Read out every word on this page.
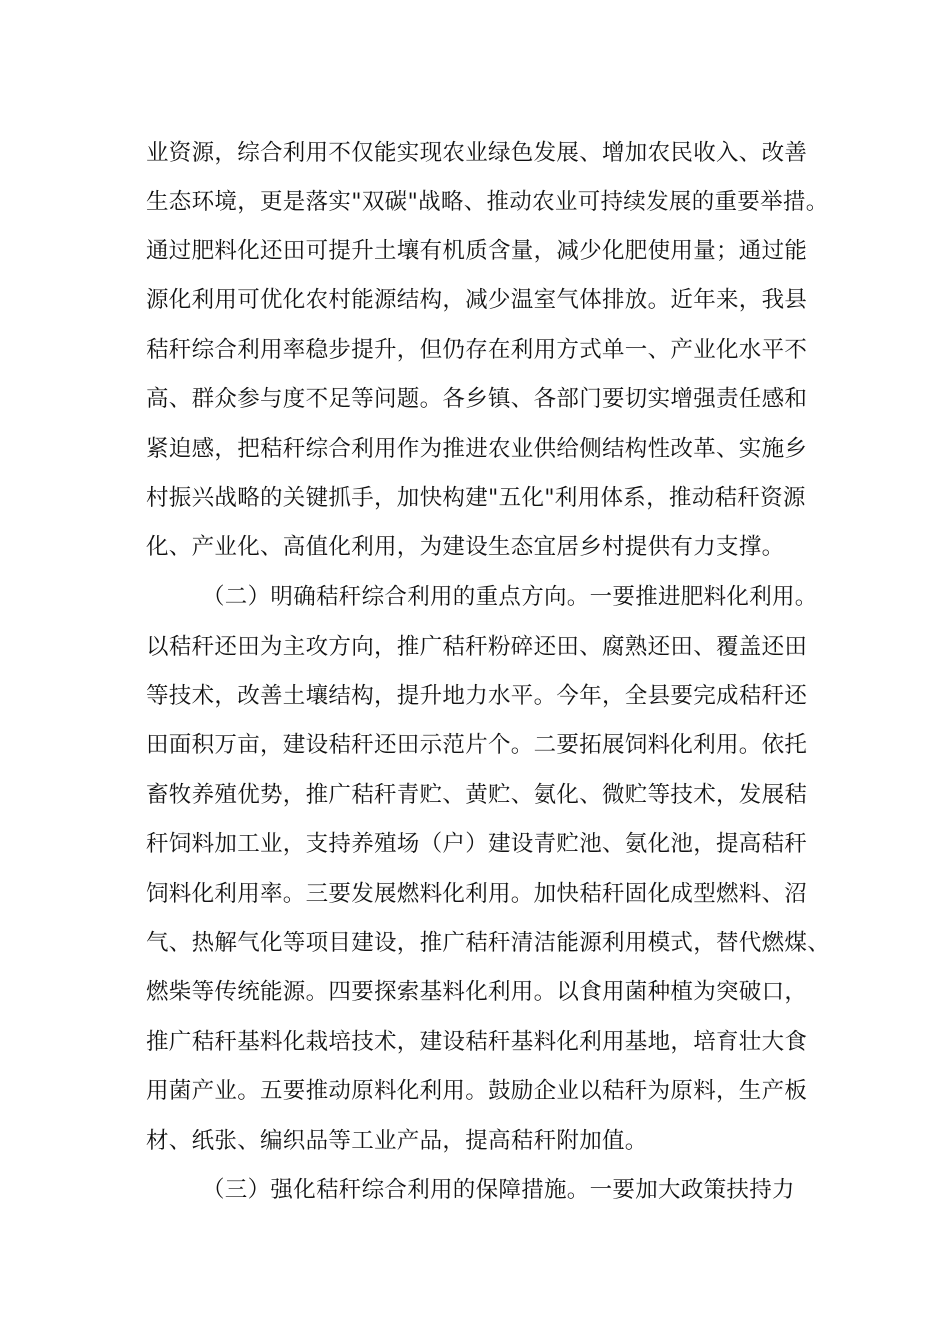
业资源，综合利用不仅能实现农业绿色发展、增加农民收入、改善
生态环境，更是落实"双碳"战略、推动农业可持续发展的重要举措。
通过肥料化还田可提升土壤有机质含量，减少化肥使用量；通过能
源化利用可优化农村能源结构，减少温室气体排放。近年来，我县
秸秆综合利用率稳步提升，但仍存在利用方式单一、产业化水平不
高、群众参与度不足等问题。各乡镇、各部门要切实增强责任感和
紧迫感，把秸秆综合利用作为推进农业供给侧结构性改革、实施乡
村振兴战略的关键抓手，加快构建"五化"利用体系，推动秸秆资源
化、产业化、高值化利用，为建设生态宜居乡村提供有力支撑。
（二）明确秸秆综合利用的重点方向。一要推进肥料化利用。
以秸秆还田为主攻方向，推广秸秆粉碎还田、腐熟还田、覆盖还田
等技术，改善土壤结构，提升地力水平。今年，全县要完成秸秆还
田面积万亩，建设秸秆还田示范片个。二要拓展饲料化利用。依托
畜牧养殖优势，推广秸秆青贮、黄贮、氨化、微贮等技术，发展秸
秆饲料加工业，支持养殖场（户）建设青贮池、氨化池，提高秸秆
饲料化利用率。三要发展燃料化利用。加快秸秆固化成型燃料、沼
气、热解气化等项目建设，推广秸秆清洁能源利用模式，替代燃煤、
燃柴等传统能源。四要探索基料化利用。以食用菌种植为突破口，
推广秸秆基料化栽培技术，建设秸秆基料化利用基地，培育壮大食
用菌产业。五要推动原料化利用。鼓励企业以秸秆为原料，生产板
材、纸张、编织品等工业产品，提高秸秆附加值。
（三）强化秸秆综合利用的保障措施。一要加大政策扶持力
